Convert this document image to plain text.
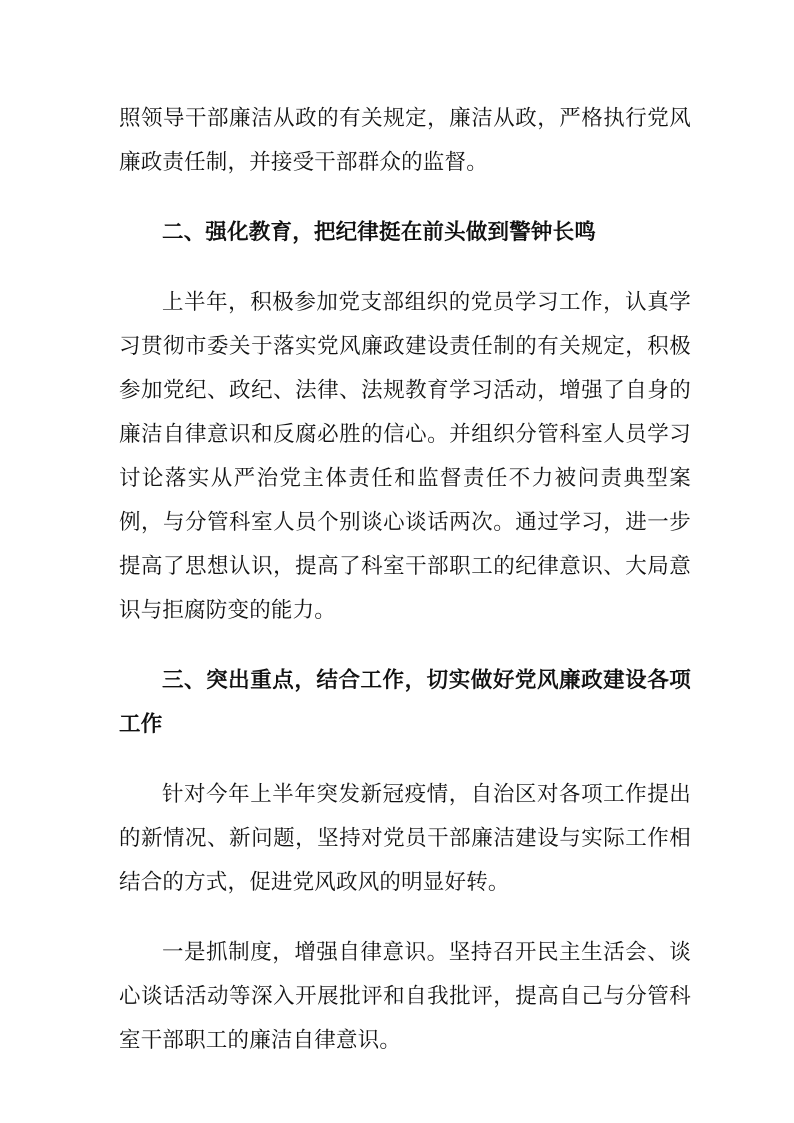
照领导干部廉洁从政的有关规定，廉洁从政，严格执行党风廉政责任制，并接受干部群众的监督。

二、强化教育，把纪律挺在前头做到警钟长鸣

上半年，积极参加党支部组织的党员学习工作，认真学习贯彻市委关于落实党风廉政建设责任制的有关规定，积极参加党纪、政纪、法律、法规教育学习活动，增强了自身的廉洁自律意识和反腐必胜的信心。并组织分管科室人员学习讨论落实从严治党主体责任和监督责任不力被问责典型案例，与分管科室人员个别谈心谈话两次。通过学习，进一步提高了思想认识，提高了科室干部职工的纪律意识、大局意识与拒腐防变的能力。

三、突出重点，结合工作，切实做好党风廉政建设各项工作

针对今年上半年突发新冠疫情，自治区对各项工作提出的新情况、新问题，坚持对党员干部廉洁建设与实际工作相结合的方式，促进党风政风的明显好转。

一是抓制度，增强自律意识。坚持召开民主生活会、谈心谈话活动等深入开展批评和自我批评，提高自己与分管科室干部职工的廉洁自律意识。
